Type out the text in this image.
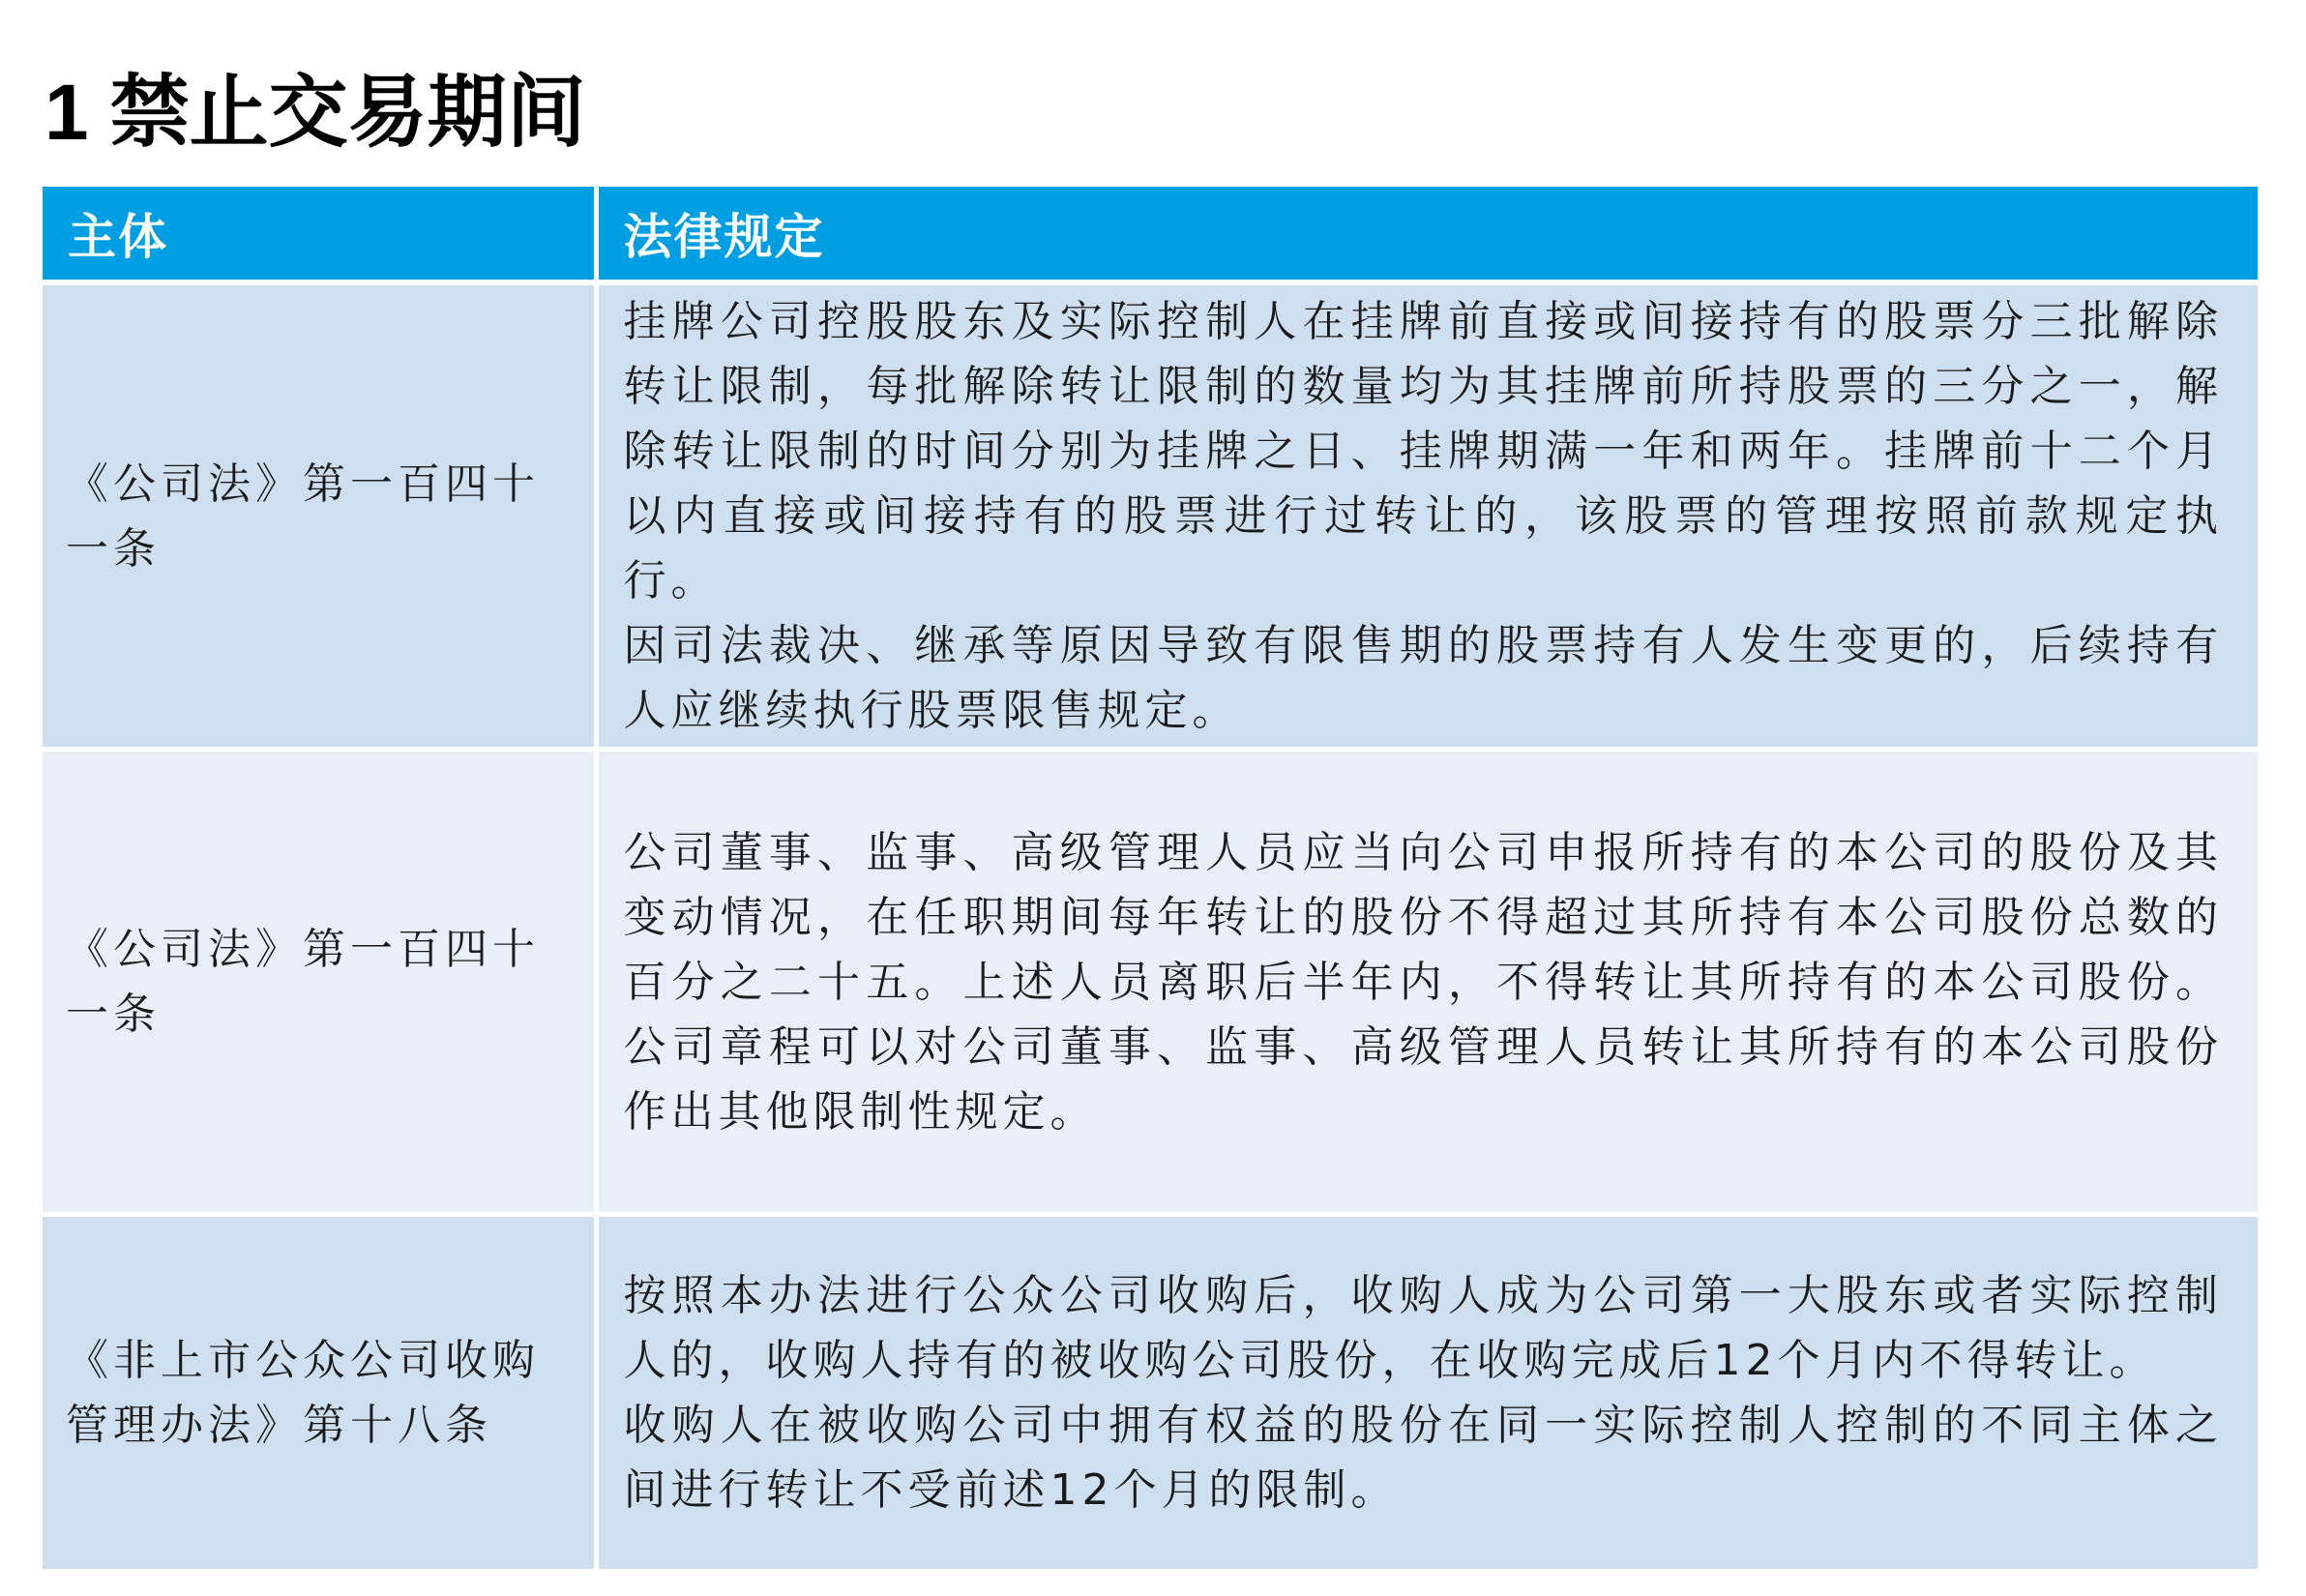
1 禁止交易期间
主体	法律规定
《公司法》第一百四十一条	挂牌公司控股股东及实际控制人在挂牌前直接或间接持有的股票分三批解除转让限制，每批解除转让限制的数量均为其挂牌前所持股票的三分之一，解除转让限制的时间分别为挂牌之日、挂牌期满一年和两年。挂牌前十二个月以内直接或间接持有的股票进行过转让的，该股票的管理按照前款规定执行。

因司法裁决、继承等原因导致有限售期的股票持有人发生变更的，后续持有人应继续执行股票限售规定。

《公司法》第一百四十一条	公司董事、监事、高级管理人员应当向公司申报所持有的本公司的股份及其变动情况，在任职期间每年转让的股份不得超过其所持有本公司股份总数的百分之二十五。上述人员离职后半年内，不得转让其所持有的本公司股份。公司章程可以对公司董事、监事、高级管理人员转让其所持有的本公司股份作出其他限制性规定。

《非上市公众公司收购管理办法》第十八条	按照本办法进行公众公司收购后，收购人成为公司第一大股东或者实际控制人的，收购人持有的被收购公司股份，在收购完成后12个月内不得转让。

收购人在被收购公司中拥有权益的股份在同一实际控制人控制的不同主体之间进行转让不受前述12个月的限制。
